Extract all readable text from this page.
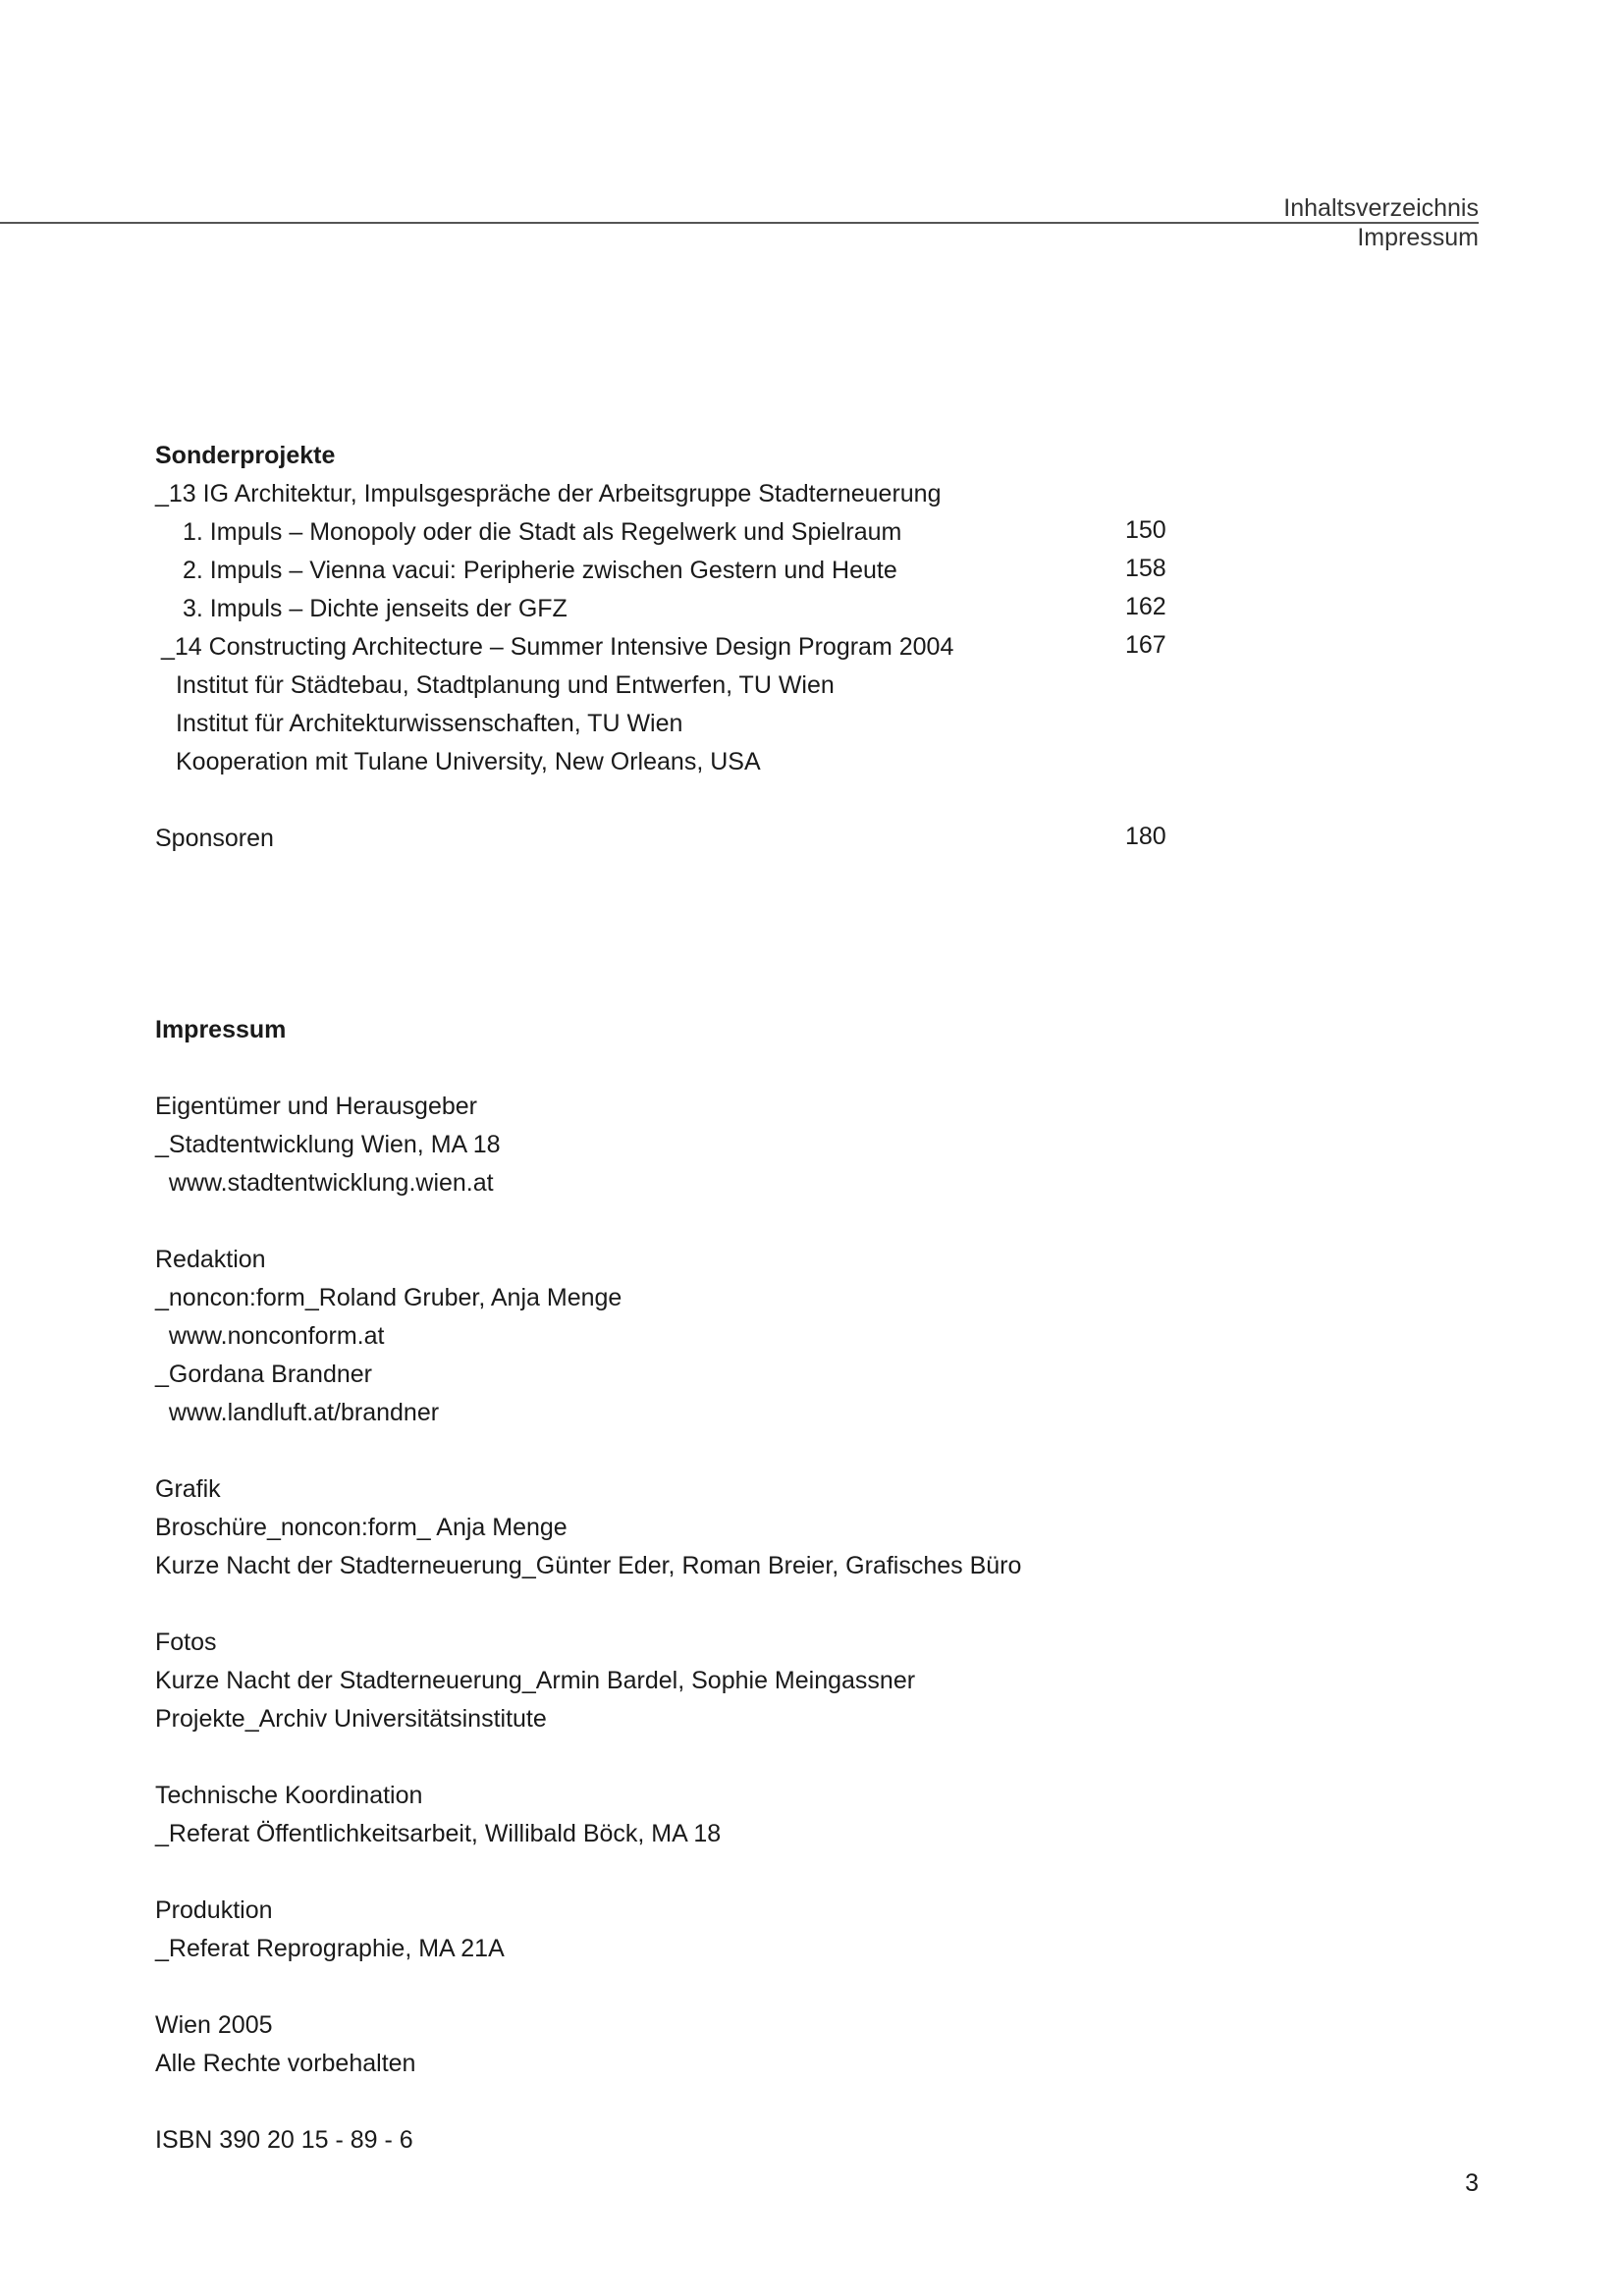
Inhaltsverzeichnis
Impressum
Sonderprojekte
_13 IG Architektur, Impulsgespräche der Arbeitsgruppe Stadterneuerung
1. Impuls – Monopoly oder die Stadt als Regelwerk und Spielraum	150
2. Impuls – Vienna vacui: Peripherie zwischen Gestern und Heute	158
3. Impuls – Dichte jenseits der GFZ	162
_14 Constructing Architecture – Summer Intensive Design Program 2004	167
Institut für Städtebau, Stadtplanung und Entwerfen, TU Wien
Institut für Architekturwissenschaften, TU Wien
Kooperation mit Tulane University, New Orleans, USA
Sponsoren	180
Impressum
Eigentümer und Herausgeber
_Stadtentwicklung Wien, MA 18
www.stadtentwicklung.wien.at
Redaktion
_noncon:form_Roland Gruber, Anja Menge
www.nonconform.at
_Gordana Brandner
www.landluft.at/brandner
Grafik
Broschüre_noncon:form_ Anja Menge
Kurze Nacht der Stadterneuerung_Günter Eder, Roman Breier, Grafisches Büro
Fotos
Kurze Nacht der Stadterneuerung_Armin Bardel, Sophie Meingassner
Projekte_Archiv Universitätsinstitute
Technische Koordination
_Referat Öffentlichkeitsarbeit, Willibald Böck, MA 18
Produktion
_Referat Reprographie, MA 21A
Wien 2005
Alle Rechte vorbehalten
ISBN 390 20 15 - 89 - 6
3
